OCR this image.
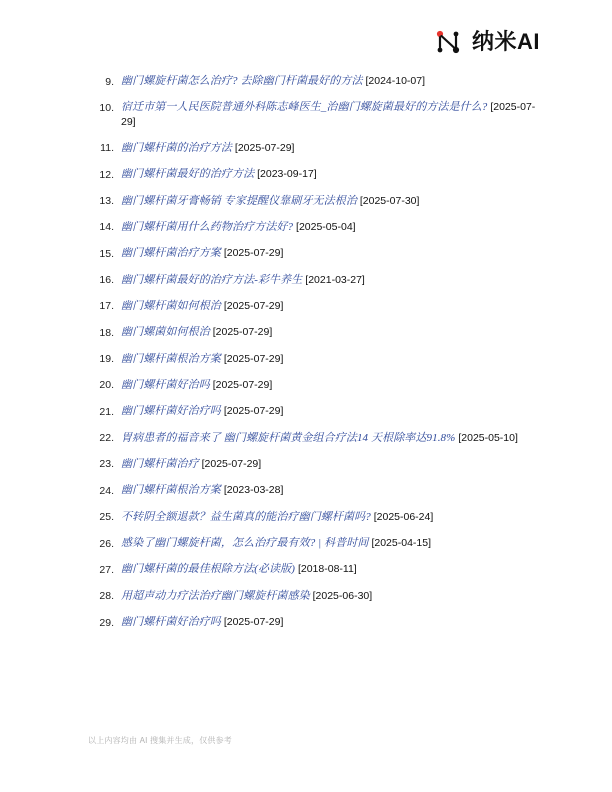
纳米AI
9. 幽门螺旋杆菌怎么治疗? 去除幽门杆菌最好的方法 [2024-10-07]
10. 宿迁市第一人民医院普通外科陈志峰医生_治幽门螺旋菌最好的方法是什么? [2025-07-29]
11. 幽门螺杆菌的治疗方法 [2025-07-29]
12. 幽门螺杆菌最好的治疗方法 [2023-09-17]
13. 幽门螺杆菌牙膏畅销 专家提醒仪靠刷牙无法根治 [2025-07-30]
14. 幽门螺杆菌用什么药物治疗方法好? [2025-05-04]
15. 幽门螺杆菌治疗方案 [2025-07-29]
16. 幽门螺杆菌最好的治疗方法-彩牛养生 [2021-03-27]
17. 幽门螺杆菌如何根治 [2025-07-29]
18. 幽门螺菌如何根治 [2025-07-29]
19. 幽门螺杆菌根治方案 [2025-07-29]
20. 幽门螺杆菌好治吗 [2025-07-29]
21. 幽门螺杆菌好治疗吗 [2025-07-29]
22. 胃病患者的福音来了 幽门螺旋杆菌黄金组合疗法14 天根除率达91.8% [2025-05-10]
23. 幽门螺杆菌治疗 [2025-07-29]
24. 幽门螺杆菌根治方案 [2023-03-28]
25. 不转阴全额退款？益生菌真的能治疗幽门螺杆菌吗? [2025-06-24]
26. 感染了幽门螺旋杆菌，怎么治疗最有效? | 科普时间 [2025-04-15]
27. 幽门螺杆菌的最佳根除方法(必读版) [2018-08-11]
28. 用超声动力疗法治疗幽门螺旋杆菌感染 [2025-06-30]
29. 幽门螺杆菌好治疗吗 [2025-07-29]
以上内容均由 AI 搜集并生成，仅供参考
